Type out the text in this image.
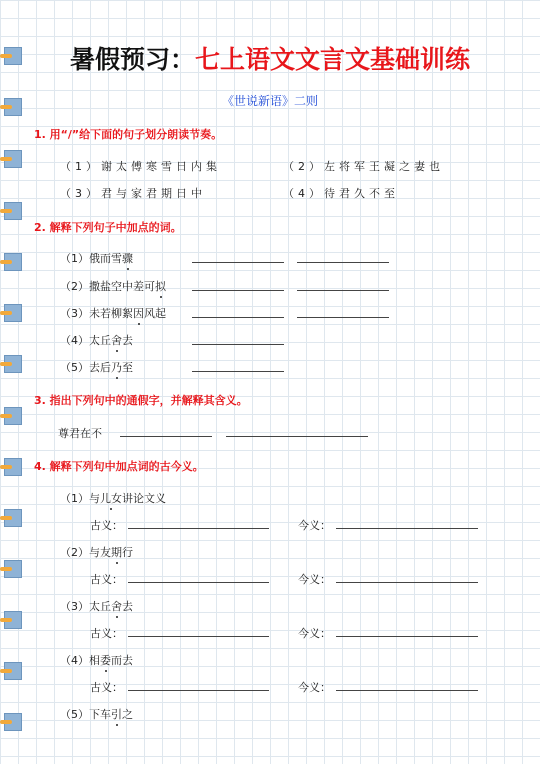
暑假预习：七上语文文言文基础训练
《世说新语》二则
1. 用“/”给下面的句子划分朗读节奏。
（1）谢太傅寒雪日内集	（2）左将军王凝之妻也
（3）君与家君期日中	（4）待君久不至
2. 解释下列句子中加点的词。
（1）俄而雪骤
（2）撒盐空中差可拟
（3）未若柳絮因风起
（4）太丘舍去
（5）去后乃至
3. 指出下列句中的通假字，并解释其含义。
尊君在不
4. 解释下列句中加点词的古今义。
（1）与儿女讲论文义
古义：	今义：
（2）与友期行
古义：	今义：
（3）太丘舍去
古义：	今义：
（4）相委而去
古义：	今义：
（5）下车引之
